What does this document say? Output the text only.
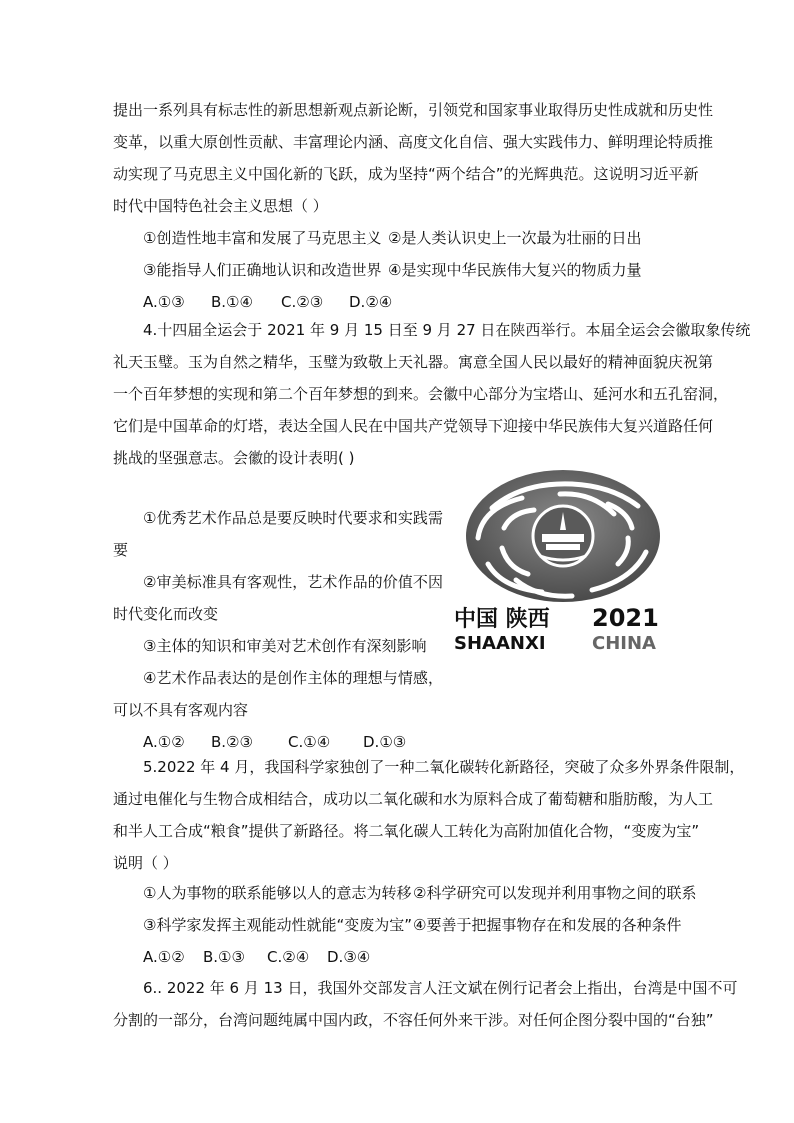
提出一系列具有标志性的新思想新观点新论断，引领党和国家事业取得历史性成就和历史性
变革，以重大原创性贡献、丰富理论内涵、高度文化自信、强大实践伟力、鲜明理论特质推
动实现了马克思主义中国化新的飞跃，成为坚持“两个结合”的光辉典范。这说明习近平新
时代中国特色社会主义思想（ ）
①创造性地丰富和发展了马克思主义 ②是人类认识史上一次最为壮丽的日出
③能指导人们正确地认识和改造世界 ④是实现中华民族伟大复兴的物质力量
A.①③ B.①④ C.②③ D.②④
4.十四届全运会于 2021 年 9 月 15 日至 9 月 27 日在陕西举行。本届全运会会徽取象传统
礼天玉璧。玉为自然之精华，玉璧为致敬上天礼器。寓意全国人民以最好的精神面貌庆祝第
一个百年梦想的实现和第二个百年梦想的到来。会徽中心部分为宝塔山、延河水和五孔窑洞，
它们是中国革命的灯塔，表达全国人民在中国共产党领导下迎接中华民族伟大复兴道路任何
挑战的坚强意志。会徽的设计表明( )
①优秀艺术作品总是要反映时代要求和实践需
要
②审美标准具有客观性，艺术作品的价值不因
时代变化而改变
③主体的知识和审美对艺术创作有深刻影响
④艺术作品表达的是创作主体的理想与情感，
可以不具有客观内容
A.①② B.②③ C.①④ D.①③
中国 陕西 2021
SHAANXI	CHINA
5.2022 年 4 月，我国科学家独创了一种二氧化碳转化新路径，突破了众多外界条件限制，
通过电催化与生物合成相结合，成功以二氧化碳和水为原料合成了葡萄糖和脂肪酸，为人工
和半人工合成“粮食”提供了新路径。将二氧化碳人工转化为高附加值化合物，“变废为宝”
说明（ ）
①人为事物的联系能够以人的意志为转移 ②科学研究可以发现并利用事物之间的联系
③科学家发挥主观能动性就能“变废为宝” ④要善于把握事物存在和发展的各种条件
A.①② B.①③ C.②④ D.③④
6.. 2022 年 6 月 13 日，我国外交部发言人汪文斌在例行记者会上指出，台湾是中国不可
分割的一部分，台湾问题纯属中国内政，不容任何外来干涉。对任何企图分裂中国的“台独”
